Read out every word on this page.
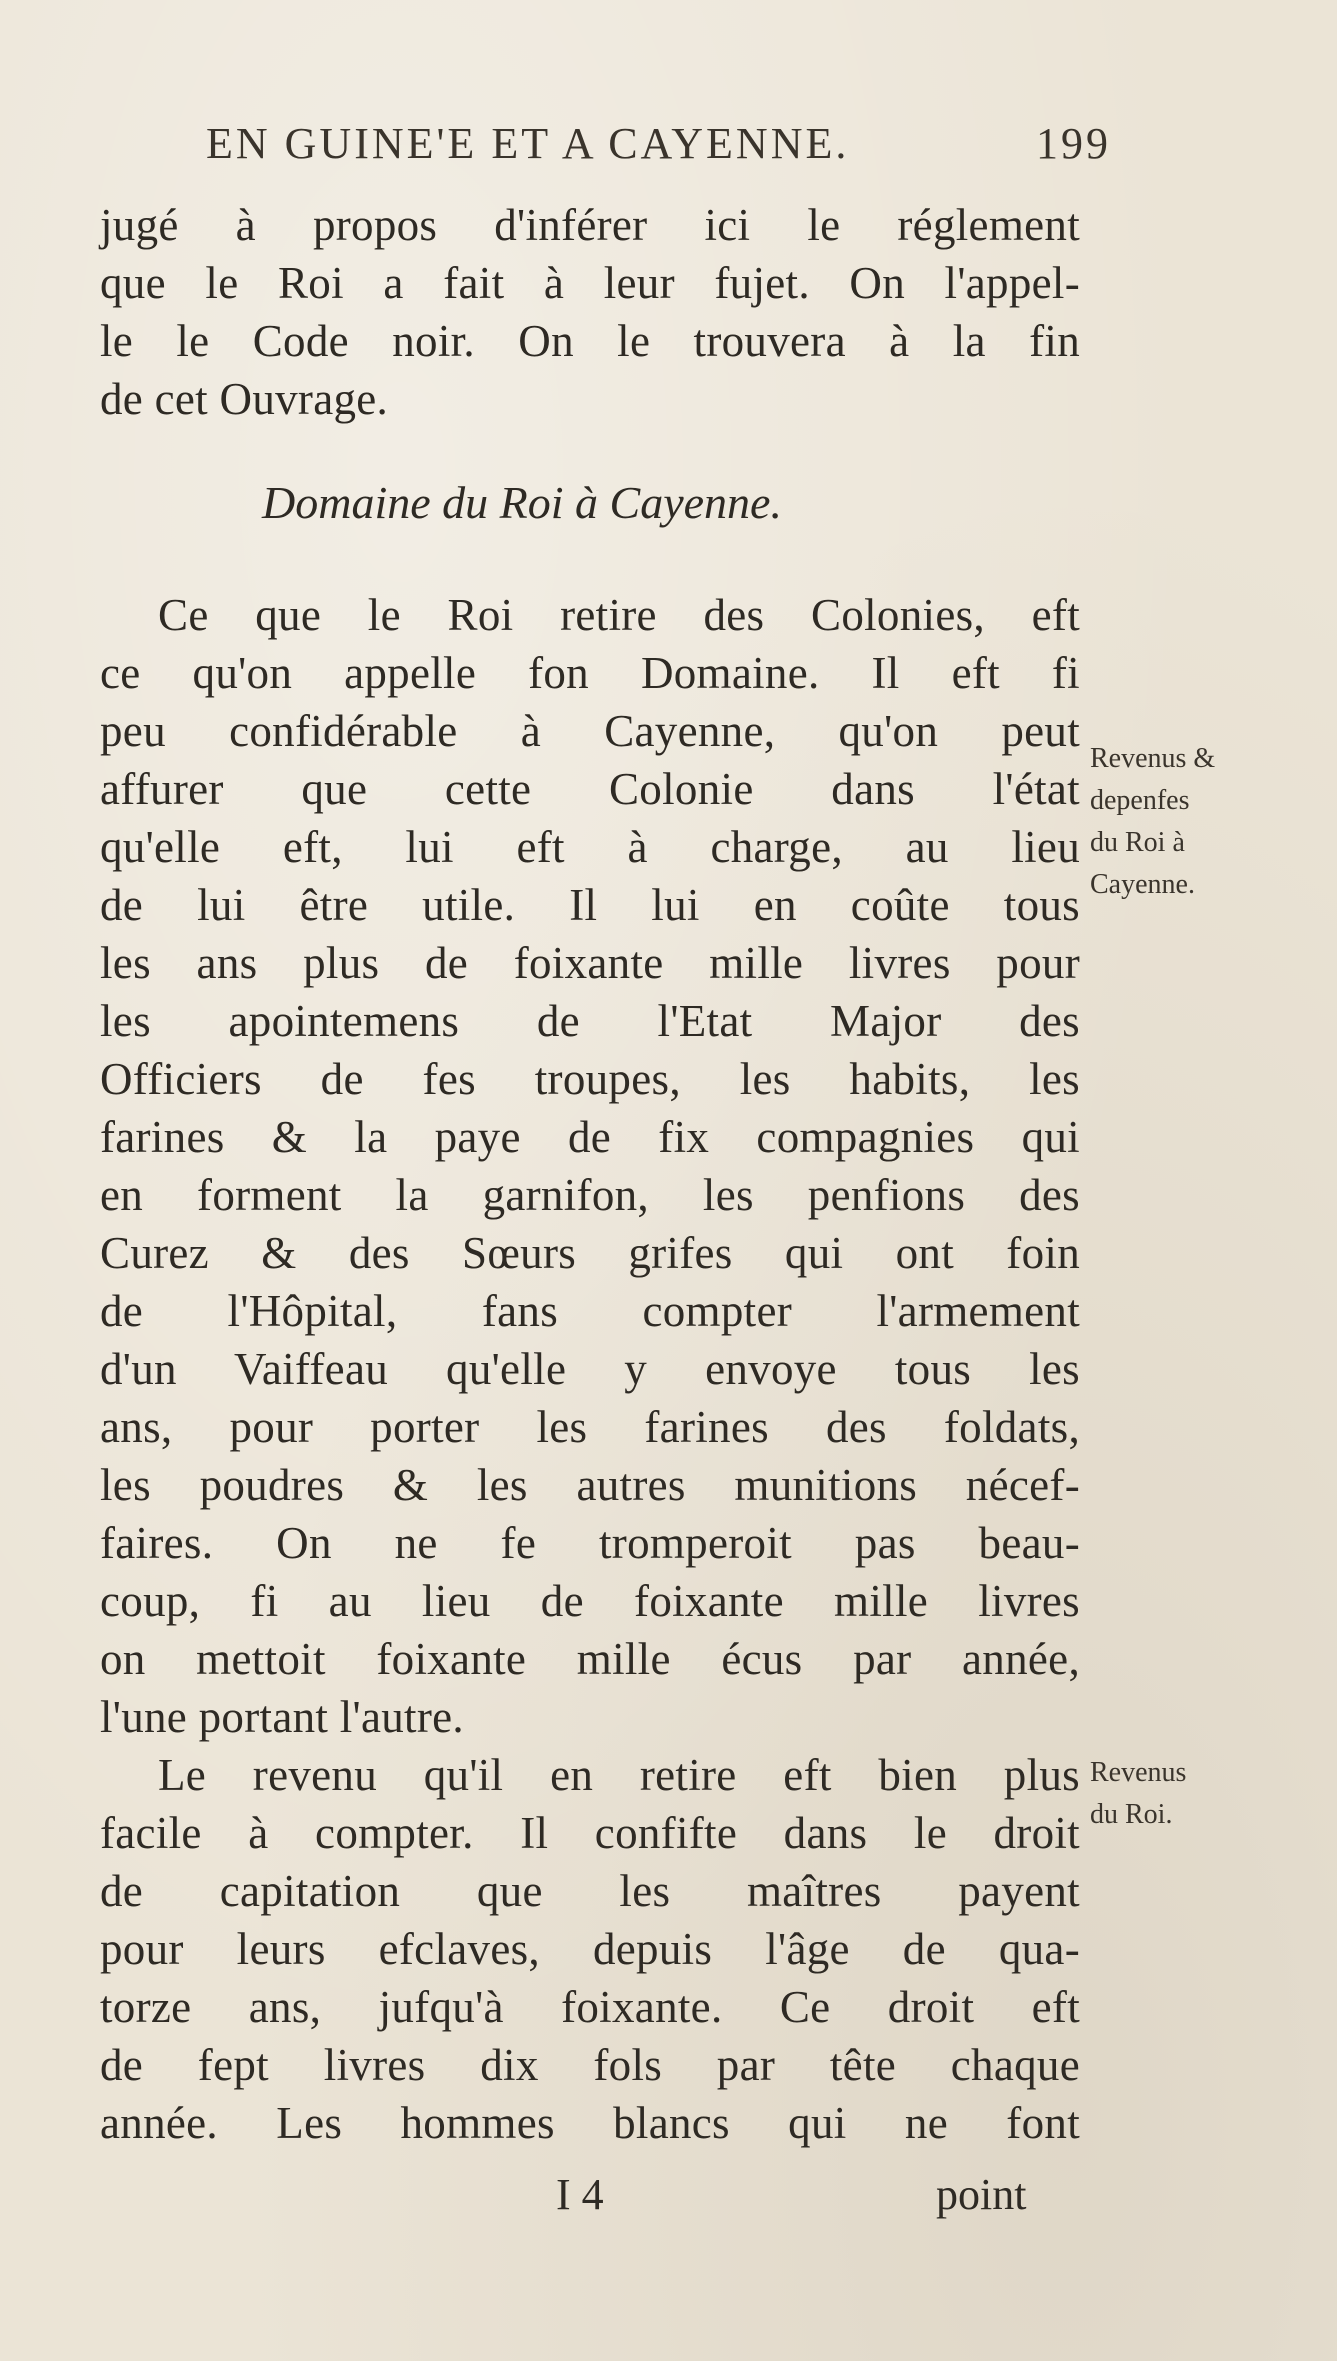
EN GUINE'E ET A CAYENNE.	199
jugé à propos d'inférer ici le réglement
que le Roi a fait à leur fujet. On l'appel-
le le Code noir. On le trouvera à la fin
de cet Ouvrage.
Domaine du Roi à Cayenne.
Ce que le Roi retire des Colonies, eft
ce qu'on appelle fon Domaine. Il eft fi
peu confidérable à Cayenne, qu'on peut
affurer que cette Colonie dans l'état
qu'elle eft, lui eft à charge, au lieu
de lui être utile. Il lui en coûte tous
les ans plus de foixante mille livres pour
les apointemens de l'Etat Major des
Officiers de fes troupes, les habits, les
farines & la paye de fix compagnies qui
en forment la garnifon, les penfions des
Curez & des Sœurs grifes qui ont foin
de l'Hôpital, fans compter l'armement
d'un Vaiffeau qu'elle y envoye tous les
ans, pour porter les farines des foldats,
les poudres & les autres munitions nécef-
faires. On ne fe tromperoit pas beau-
coup, fi au lieu de foixante mille livres
on mettoit foixante mille écus par année,
l'une portant l'autre.
Le revenu qu'il en retire eft bien plus
facile à compter. Il confifte dans le droit
de capitation que les maîtres payent
pour leurs efclaves, depuis l'âge de qua-
torze ans, jufqu'à foixante. Ce droit eft
de fept livres dix fols par tête chaque
année. Les hommes blancs qui ne font
Revenus &
depenfes
du Roi à
Cayenne.
Revenus
du Roi.
I 4	point
